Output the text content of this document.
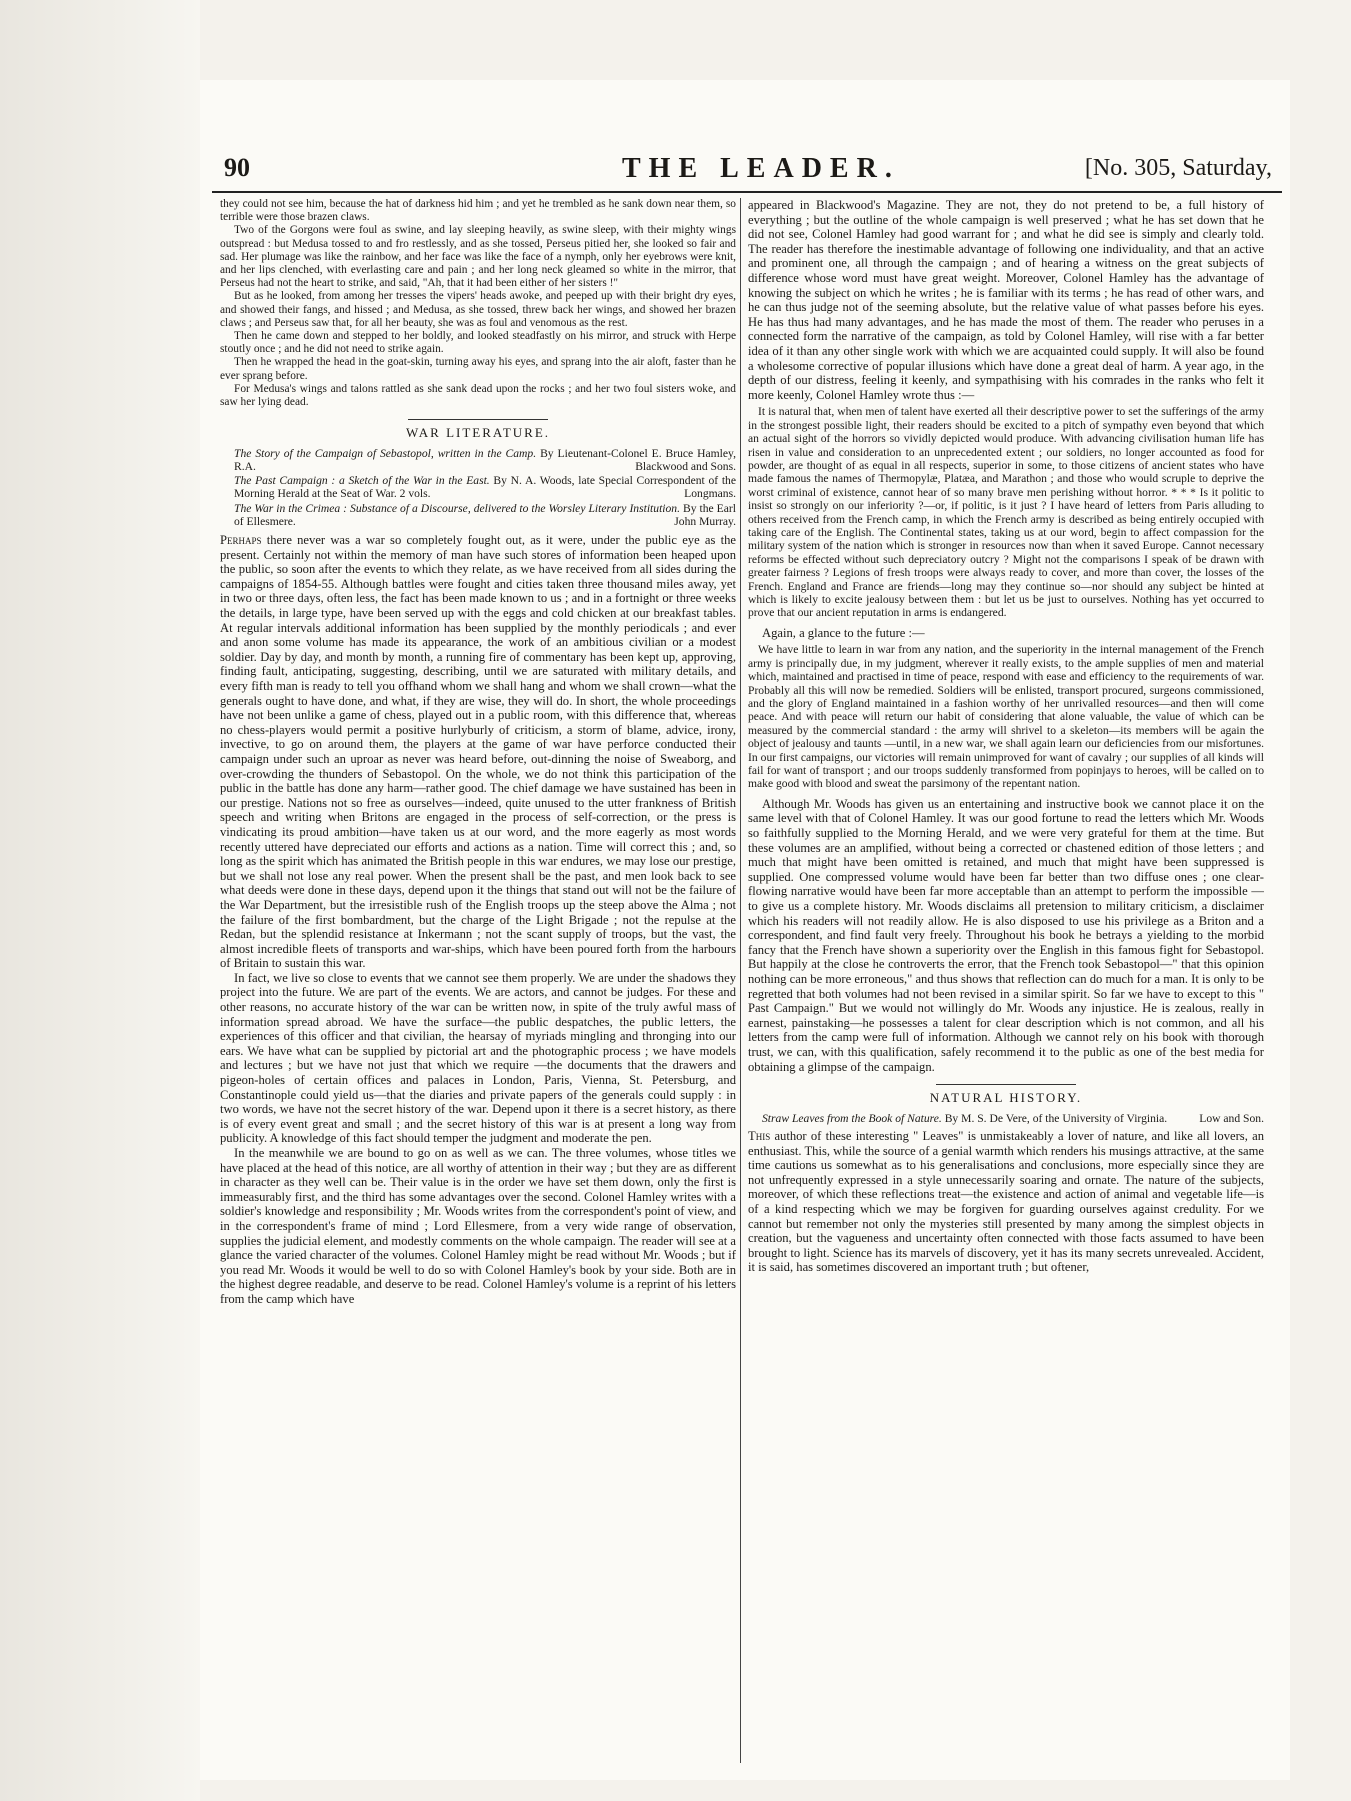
90	THE LEADER.	[No. 305, Saturday,

they could not see him, because the hat of darkness hid him ; and yet he trembled as he sank down near them, so terrible were those brazen claws.

Two of the Gorgons were foul as swine, and lay sleeping heavily, as swine sleep, with their mighty wings outspread : but Medusa tossed to and fro restlessly, and as she tossed, Perseus pitied her, she looked so fair and sad. Her plumage was like the rainbow, and her face was like the face of a nymph, only her eyebrows were knit, and her lips clenched, with everlasting care and pain ; and her long neck gleamed so white in the mirror, that Perseus had not the heart to strike, and said, "Ah, that it had been either of her sisters !"

But as he looked, from among her tresses the vipers' heads awoke, and peeped up with their bright dry eyes, and showed their fangs, and hissed ; and Medusa, as she tossed, threw back her wings, and showed her brazen claws ; and Perseus saw that, for all her beauty, she was as foul and venomous as the rest.

Then he came down and stepped to her boldly, and looked steadfastly on his mirror, and struck with Herpe stoutly once ; and he did not need to strike again.

Then he wrapped the head in the goat-skin, turning away his eyes, and sprang into the air aloft, faster than he ever sprang before.

For Medusa's wings and talons rattled as she sank dead upon the rocks ; and her two foul sisters woke, and saw her lying dead.

WAR LITERATURE.

The Story of the Campaign of Sebastopol, written in the Camp. By Lieutenant-Colonel E. Bruce Hamley, R.A.	Blackwood and Sons.

The Past Campaign : a Sketch of the War in the East. By N. A. Woods, late Special Correspondent of the Morning Herald at the Seat of War. 2 vols.	Longmans.

The War in the Crimea : Substance of a Discourse, delivered to the Worsley Literary Institution. By the Earl of Ellesmere.	John Murray.

Perhaps there never was a war so completely fought out, as it were, under the public eye as the present. Certainly not within the memory of man have such stores of information been heaped upon the public, so soon after the events to which they relate, as we have received from all sides during the campaigns of 1854-55. Although battles were fought and cities taken three thousand miles away, yet in two or three days, often less, the fact has been made known to us ; and in a fortnight or three weeks the details, in large type, have been served up with the eggs and cold chicken at our breakfast tables. At regular intervals additional information has been supplied by the monthly periodicals ; and ever and anon some volume has made its appearance, the work of an ambitious civilian or a modest soldier. Day by day, and month by month, a running fire of commentary has been kept up, approving, finding fault, anticipating, suggesting, describing, until we are saturated with military details, and every fifth man is ready to tell you offhand whom we shall hang and whom we shall crown—what the generals ought to have done, and what, if they are wise, they will do. In short, the whole proceedings have not been unlike a game of chess, played out in a public room, with this difference that, whereas no chess-players would permit a positive hurlyburly of criticism, a storm of blame, advice, irony, invective, to go on around them, the players at the game of war have perforce conducted their campaign under such an uproar as never was heard before, out-dinning the noise of Sweaborg, and over-crowding the thunders of Sebastopol. On the whole, we do not think this participation of the public in the battle has done any harm—rather good. The chief damage we have sustained has been in our prestige. Nations not so free as ourselves—indeed, quite unused to the utter frankness of British speech and writing when Britons are engaged in the process of self-correction, or the press is vindicating its proud ambition—have taken us at our word, and the more eagerly as most words recently uttered have depreciated our efforts and actions as a nation. Time will correct this ; and, so long as the spirit which has animated the British people in this war endures, we may lose our prestige, but we shall not lose any real power. When the present shall be the past, and men look back to see what deeds were done in these days, depend upon it the things that stand out will not be the failure of the War Department, but the irresistible rush of the English troops up the steep above the Alma ; not the failure of the first bombardment, but the charge of the Light Brigade ; not the repulse at the Redan, but the splendid resistance at Inkermann ; not the scant supply of troops, but the vast, the almost incredible fleets of transports and war-ships, which have been poured forth from the harbours of Britain to sustain this war.

In fact, we live so close to events that we cannot see them properly. We are under the shadows they project into the future. We are part of the events. We are actors, and cannot be judges. For these and other reasons, no accurate history of the war can be written now, in spite of the truly awful mass of information spread abroad. We have the surface—the public despatches, the public letters, the experiences of this officer and that civilian, the hearsay of myriads mingling and thronging into our ears. We have what can be supplied by pictorial art and the photographic process ; we have models and lectures ; but we have not just that which we require —the documents that the drawers and pigeon-holes of certain offices and palaces in London, Paris, Vienna, St. Petersburg, and Constantinople could yield us—that the diaries and private papers of the generals could supply : in two words, we have not the secret history of the war. Depend upon it there is a secret history, as there is of every event great and small ; and the secret history of this war is at present a long way from publicity. A knowledge of this fact should temper the judgment and moderate the pen.

In the meanwhile we are bound to go on as well as we can. The three volumes, whose titles we have placed at the head of this notice, are all worthy of attention in their way ; but they are as different in character as they well can be. Their value is in the order we have set them down, only the first is immeasurably first, and the third has some advantages over the second. Colonel Hamley writes with a soldier's knowledge and responsibility ; Mr. Woods writes from the correspondent's point of view, and in the correspondent's frame of mind ; Lord Ellesmere, from a very wide range of observation, supplies the judicial element, and modestly comments on the whole campaign. The reader will see at a glance the varied character of the volumes. Colonel Hamley might be read without Mr. Woods ; but if you read Mr. Woods it would be well to do so with Colonel Hamley's book by your side. Both are in the highest degree readable, and deserve to be read. Colonel Hamley's volume is a reprint of his letters from the camp which have

appeared in Blackwood's Magazine. They are not, they do not pretend to be, a full history of everything ; but the outline of the whole campaign is well preserved ; what he has set down that he did not see, Colonel Hamley had good warrant for ; and what he did see is simply and clearly told. The reader has therefore the inestimable advantage of following one individuality, and that an active and prominent one, all through the campaign ; and of hearing a witness on the great subjects of difference whose word must have great weight. Moreover, Colonel Hamley has the advantage of knowing the subject on which he writes ; he is familiar with its terms ; he has read of other wars, and he can thus judge not of the seeming absolute, but the relative value of what passes before his eyes. He has thus had many advantages, and he has made the most of them. The reader who peruses in a connected form the narrative of the campaign, as told by Colonel Hamley, will rise with a far better idea of it than any other single work with which we are acquainted could supply. It will also be found a wholesome corrective of popular illusions which have done a great deal of harm. A year ago, in the depth of our distress, feeling it keenly, and sympathising with his comrades in the ranks who felt it more keenly, Colonel Hamley wrote thus :—

It is natural that, when men of talent have exerted all their descriptive power to set the sufferings of the army in the strongest possible light, their readers should be excited to a pitch of sympathy even beyond that which an actual sight of the horrors so vividly depicted would produce. With advancing civilisation human life has risen in value and consideration to an unprecedented extent ; our soldiers, no longer accounted as food for powder, are thought of as equal in all respects, superior in some, to those citizens of ancient states who have made famous the names of Thermopylæ, Platæa, and Marathon ; and those who would scruple to deprive the worst criminal of existence, cannot hear of so many brave men perishing without horror. * * * Is it politic to insist so strongly on our inferiority ?—or, if politic, is it just ? I have heard of letters from Paris alluding to others received from the French camp, in which the French army is described as being entirely occupied with taking care of the English. The Continental states, taking us at our word, begin to affect compassion for the military system of the nation which is stronger in resources now than when it saved Europe. Cannot necessary reforms be effected without such depreciatory outcry ? Might not the comparisons I speak of be drawn with greater fairness ? Legions of fresh troops were always ready to cover, and more than cover, the losses of the French. England and France are friends—long may they continue so—nor should any subject be hinted at which is likely to excite jealousy between them : but let us be just to ourselves. Nothing has yet occurred to prove that our ancient reputation in arms is endangered.

Again, a glance to the future :—

We have little to learn in war from any nation, and the superiority in the internal management of the French army is principally due, in my judgment, wherever it really exists, to the ample supplies of men and material which, maintained and practised in time of peace, respond with ease and efficiency to the requirements of war. Probably all this will now be remedied. Soldiers will be enlisted, transport procured, surgeons commissioned, and the glory of England maintained in a fashion worthy of her unrivalled resources—and then will come peace. And with peace will return our habit of considering that alone valuable, the value of which can be measured by the commercial standard : the army will shrivel to a skeleton—its members will be again the object of jealousy and taunts —until, in a new war, we shall again learn our deficiencies from our misfortunes. In our first campaigns, our victories will remain unimproved for want of cavalry ; our supplies of all kinds will fail for want of transport ; and our troops suddenly transformed from popinjays to heroes, will be called on to make good with blood and sweat the parsimony of the repentant nation.

Although Mr. Woods has given us an entertaining and instructive book we cannot place it on the same level with that of Colonel Hamley. It was our good fortune to read the letters which Mr. Woods so faithfully supplied to the Morning Herald, and we were very grateful for them at the time. But these volumes are an amplified, without being a corrected or chastened edition of those letters ; and much that might have been omitted is retained, and much that might have been suppressed is supplied. One compressed volume would have been far better than two diffuse ones ; one clear-flowing narrative would have been far more acceptable than an attempt to perform the impossible —to give us a complete history. Mr. Woods disclaims all pretension to military criticism, a disclaimer which his readers will not readily allow. He is also disposed to use his privilege as a Briton and a correspondent, and find fault very freely. Throughout his book he betrays a yielding to the morbid fancy that the French have shown a superiority over the English in this famous fight for Sebastopol. But happily at the close he controverts the error, that the French took Sebastopol—" that this opinion nothing can be more erroneous," and thus shows that reflection can do much for a man. It is only to be regretted that both volumes had not been revised in a similar spirit. So far we have to except to this " Past Campaign." But we would not willingly do Mr. Woods any injustice. He is zealous, really in earnest, painstaking—he possesses a talent for clear description which is not common, and all his letters from the camp were full of information. Although we cannot rely on his book with thorough trust, we can, with this qualification, safely recommend it to the public as one of the best media for obtaining a glimpse of the campaign.

NATURAL HISTORY.

Straw Leaves from the Book of Nature. By M. S. De Vere, of the University of Virginia.	Low and Son.

This author of these interesting " Leaves" is unmistakeably a lover of nature, and like all lovers, an enthusiast. This, while the source of a genial warmth which renders his musings attractive, at the same time cautions us somewhat as to his generalisations and conclusions, more especially since they are not unfrequently expressed in a style unnecessarily soaring and ornate. The nature of the subjects, moreover, of which these reflections treat—the existence and action of animal and vegetable life—is of a kind respecting which we may be forgiven for guarding ourselves against credulity. For we cannot but remember not only the mysteries still presented by many among the simplest objects in creation, but the vagueness and uncertainty often connected with those facts assumed to have been brought to light. Science has its marvels of discovery, yet it has its many secrets unrevealed. Accident, it is said, has sometimes discovered an important truth ; but oftener,
